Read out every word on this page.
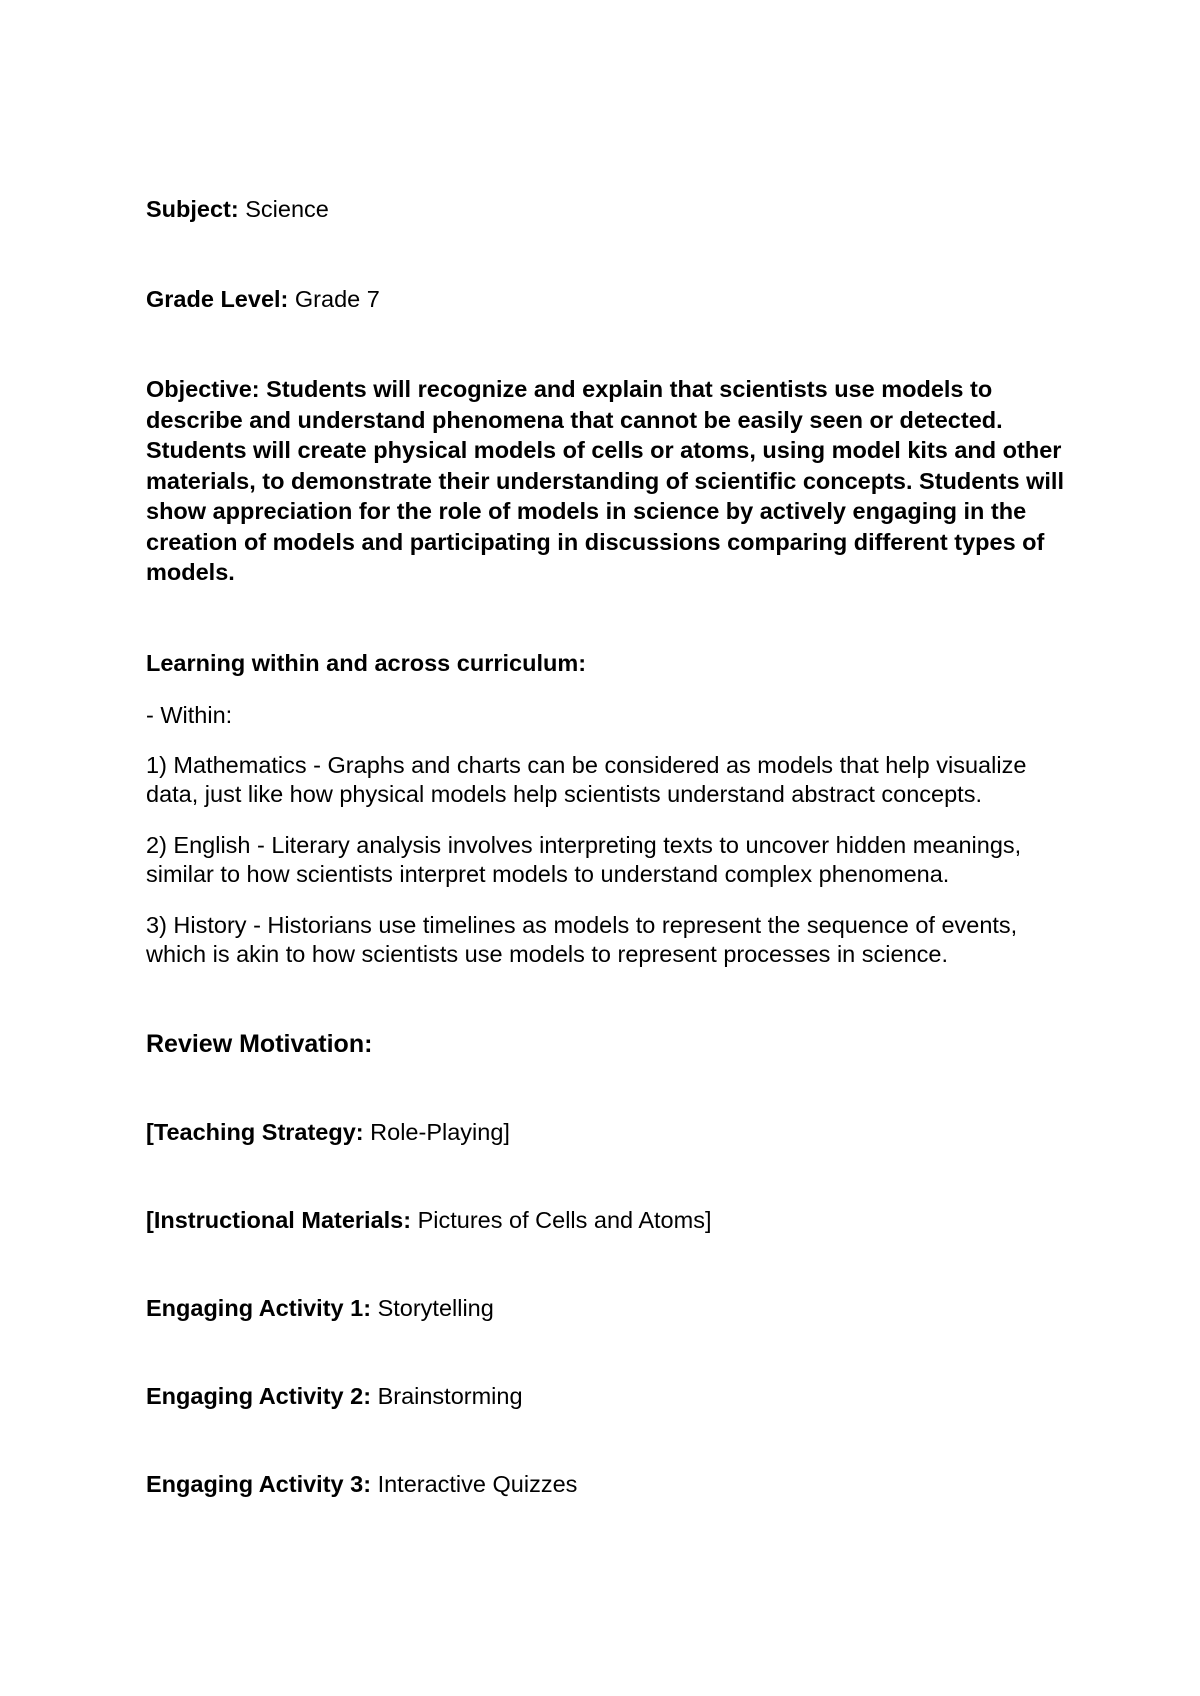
Subject: Science
Grade Level: Grade 7
Objective: Students will recognize and explain that scientists use models to describe and understand phenomena that cannot be easily seen or detected. Students will create physical models of cells or atoms, using model kits and other materials, to demonstrate their understanding of scientific concepts. Students will show appreciation for the role of models in science by actively engaging in the creation of models and participating in discussions comparing different types of models.
Learning within and across curriculum:
- Within:
1) Mathematics - Graphs and charts can be considered as models that help visualize data, just like how physical models help scientists understand abstract concepts.
2) English - Literary analysis involves interpreting texts to uncover hidden meanings, similar to how scientists interpret models to understand complex phenomena.
3) History - Historians use timelines as models to represent the sequence of events, which is akin to how scientists use models to represent processes in science.
Review Motivation:
[Teaching Strategy: Role-Playing]
[Instructional Materials: Pictures of Cells and Atoms]
Engaging Activity 1: Storytelling
Engaging Activity 2: Brainstorming
Engaging Activity 3: Interactive Quizzes
